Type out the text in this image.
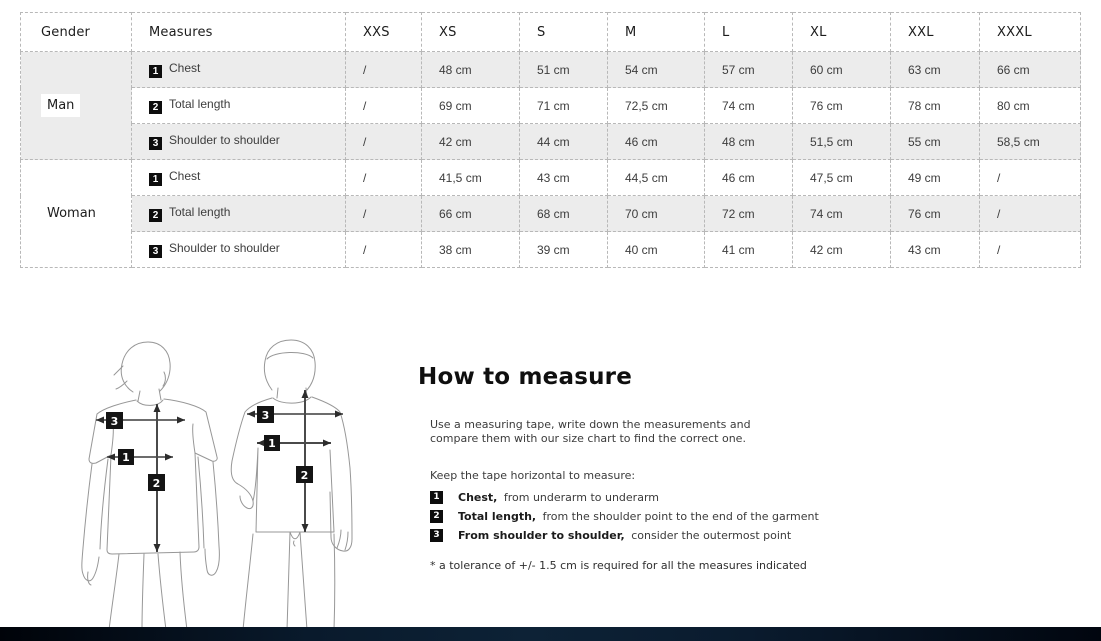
Gender	Measures	XXS	XS	S	M	L	XL	XXL	XXXL
Man	1 Chest	/	48 cm	51 cm	54 cm	57 cm	60 cm	63 cm	66 cm
	2 Total length	/	69 cm	71 cm	72,5 cm	74 cm	76 cm	78 cm	80 cm
	3 Shoulder to shoulder	/	42 cm	44 cm	46 cm	48 cm	51,5 cm	55 cm	58,5 cm
Woman	1 Chest	/	41,5 cm	43 cm	44,5 cm	46 cm	47,5 cm	49 cm	/
	2 Total length	/	66 cm	68 cm	70 cm	72 cm	74 cm	76 cm	/
	3 Shoulder to shoulder	/	38 cm	39 cm	40 cm	41 cm	42 cm	43 cm	/
3
1
2
3
1
2
How to measure

Use a measuring tape, write down the measurements and
compare them with our size chart to find the correct one.

Keep the tape horizontal to measure:

1	Chest, from underarm to underarm
2	Total length, from the shoulder point to the end of the garment
3	From shoulder to shoulder, consider the outermost point

* a tolerance of +/- 1.5 cm is required for all the measures indicated
